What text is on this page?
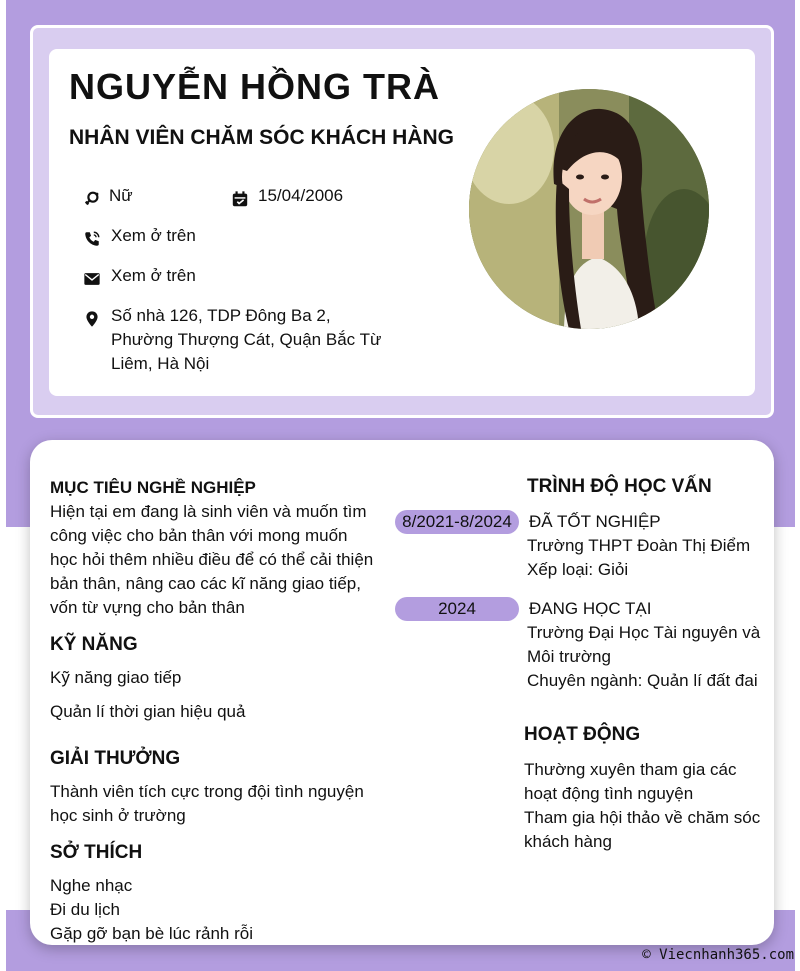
NGUYỄN HỒNG TRÀ
NHÂN VIÊN CHĂM SÓC KHÁCH HÀNG
Nữ	15/04/2006
Xem ở trên
Xem ở trên
Số nhà 126, TDP Đông Ba 2,
Phường Thượng Cát, Quận Bắc Từ
Liêm, Hà Nội
MỤC TIÊU NGHỀ NGHIỆP
Hiện tại em đang là sinh viên và muốn tìm
công việc cho bản thân với mong muốn
học hỏi thêm nhiều điều để có thể cải thiện
bản thân, nâng cao các kĩ năng giao tiếp,
vốn từ vựng cho bản thân
KỸ NĂNG
Kỹ năng giao tiếp
Quản lí thời gian hiệu quả
GIẢI THƯỞNG
Thành viên tích cực trong đội tình nguyện
học sinh ở trường
SỞ THÍCH
Nghe nhạc
Đi du lịch
Gặp gỡ bạn bè lúc rảnh rỗi
TRÌNH ĐỘ HỌC VẤN
8/2021-8/2024	ĐÃ TỐT NGHIỆP
Trường THPT Đoàn Thị Điểm
Xếp loại: Giỏi
2024	ĐANG HỌC TẠI
Trường Đại Học Tài nguyên và
Môi trường
Chuyên ngành: Quản lí đất đai
HOẠT ĐỘNG
Thường xuyên tham gia các
hoạt động tình nguyện
Tham gia hội thảo về chăm sóc
khách hàng
© Viecnhanh365.com
